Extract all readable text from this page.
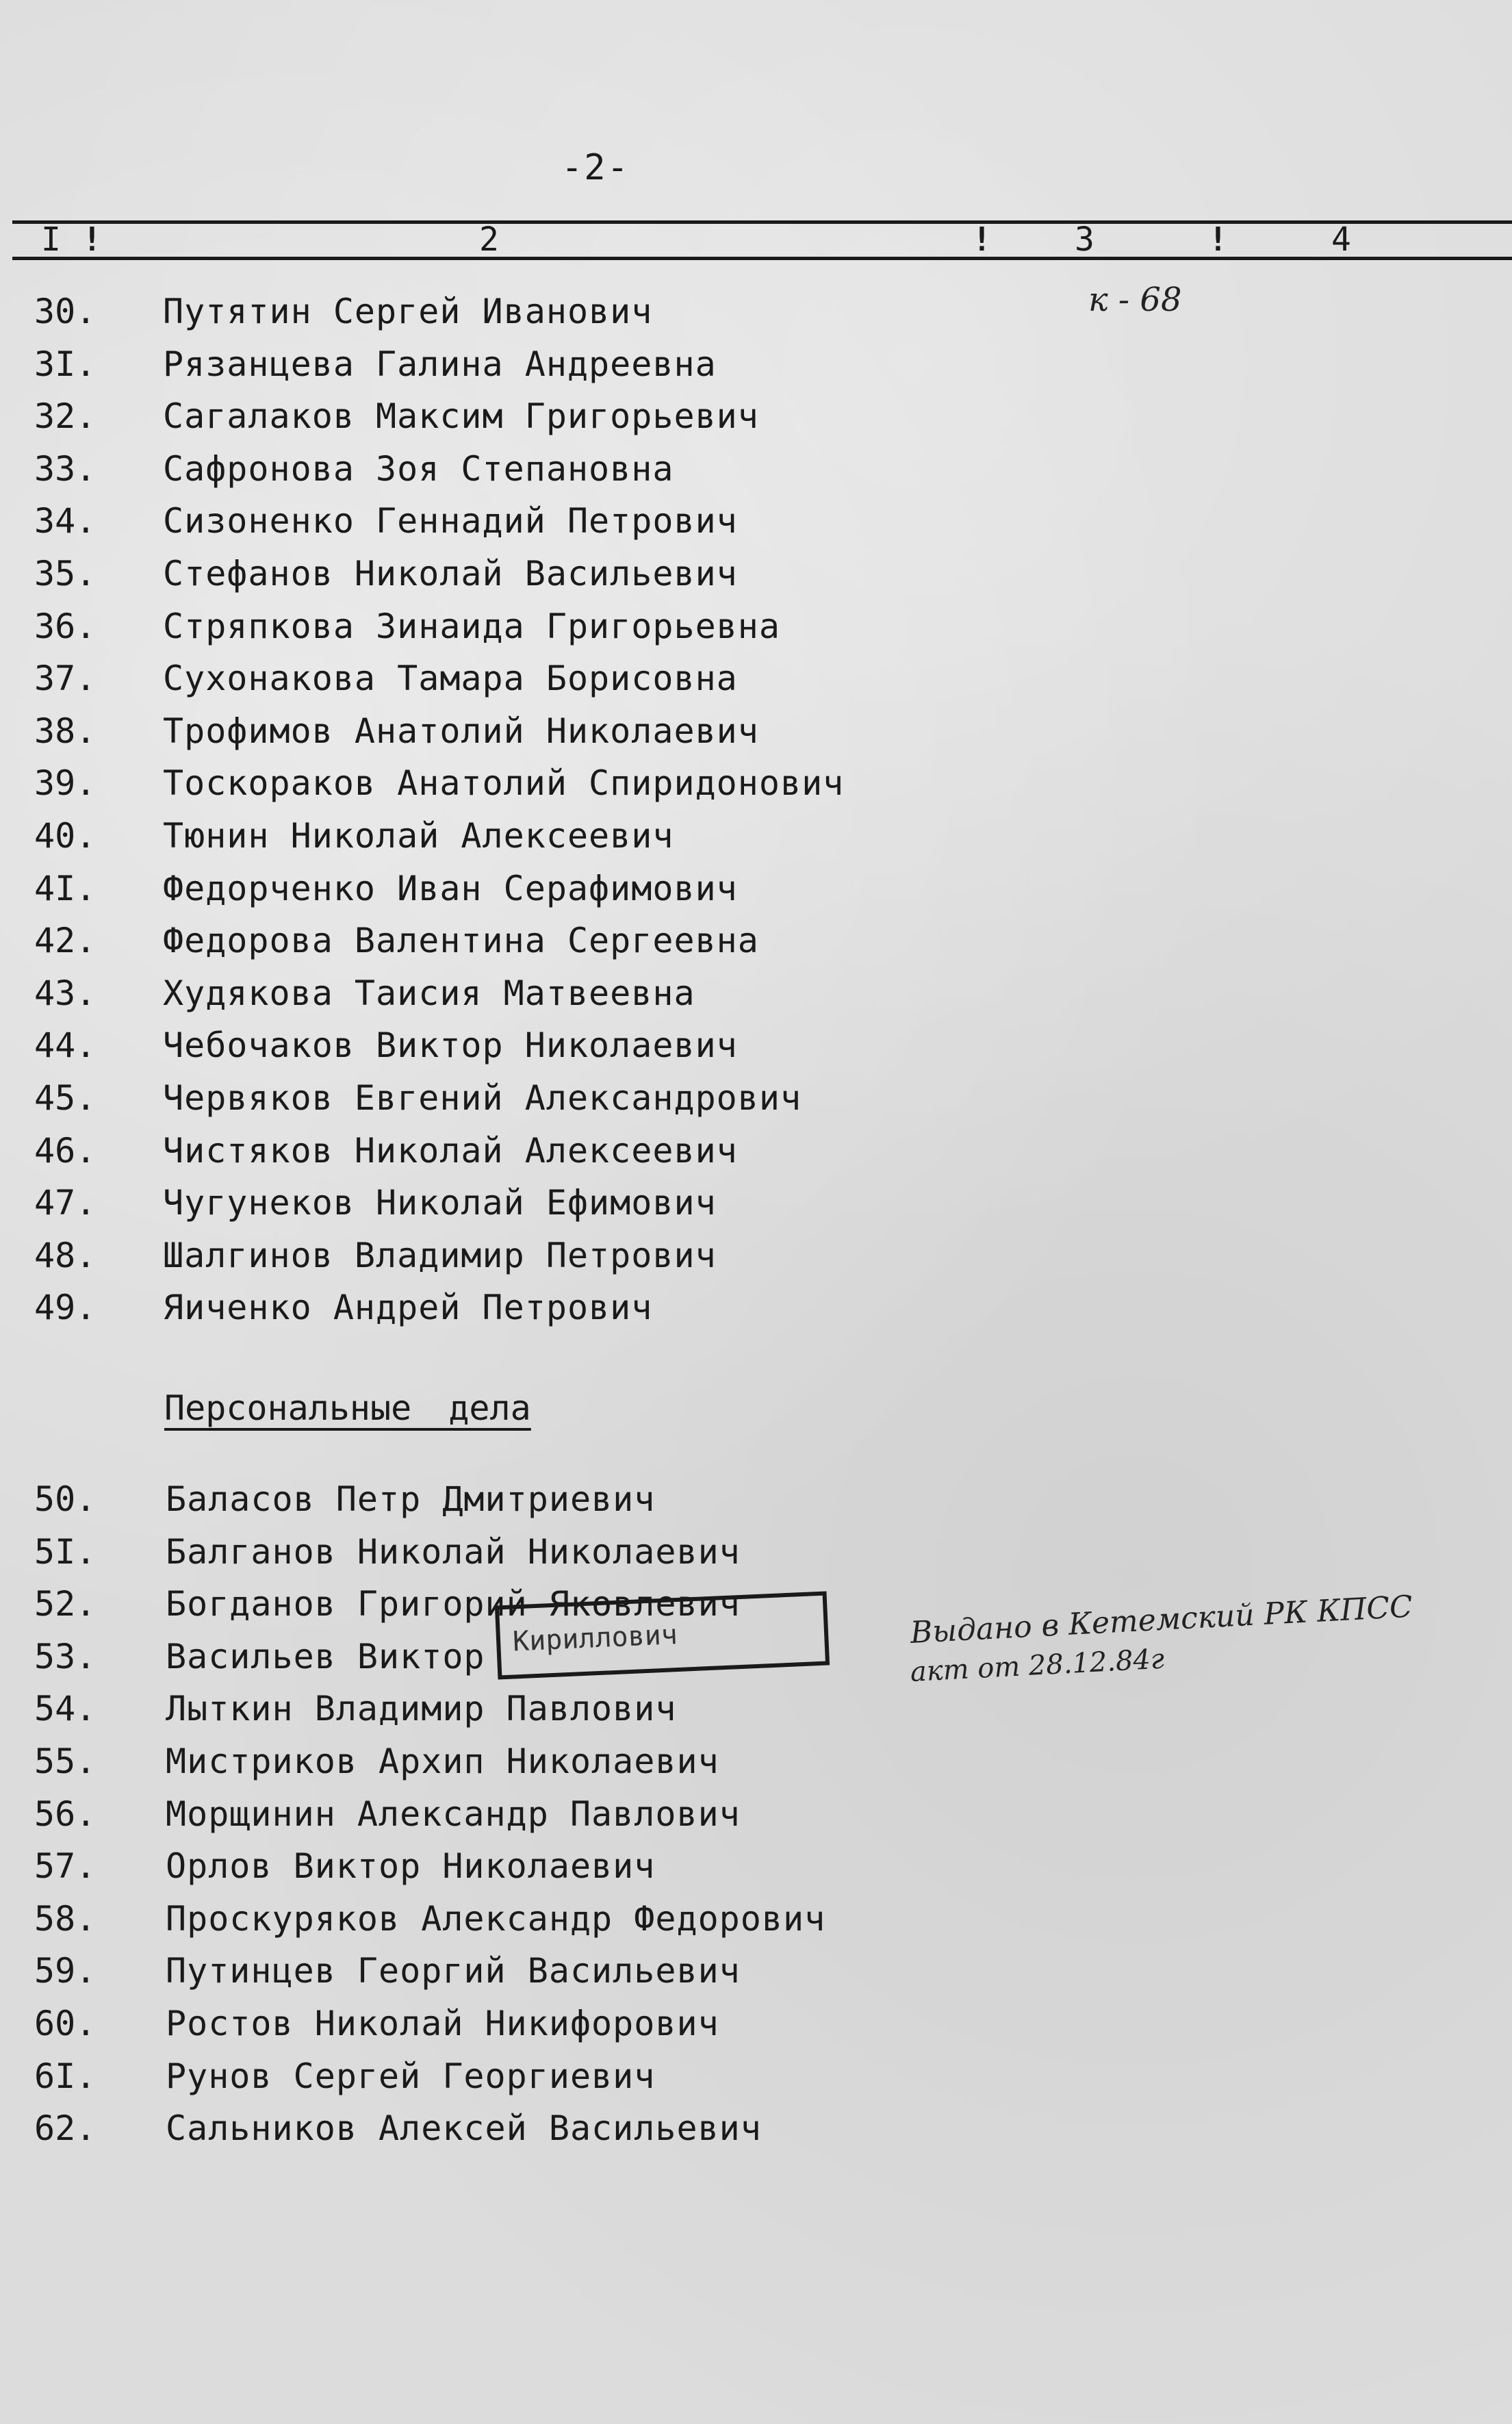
-2-
I !	2	!	3	!	4
30.	Путятин Сергей Иванович
3I.	Рязанцева Галина Андреевна
32.	Сагалаков Максим Григорьевич
33.	Сафронова Зоя Степановна
34.	Сизоненко Геннадий Петрович
35.	Стефанов Николай Васильевич
36.	Стряпкова Зинаида Григорьевна
37.	Сухонакова Тамара Борисовна
38.	Трофимов Анатолий Николаевич
39.	Тоскораков Анатолий Спиридонович
40.	Тюнин Николай Алексеевич
4I.	Федорченко Иван Серафимович
42.	Федорова Валентина Сергеевна
43.	Худякова Таисия Матвеевна
44.	Чебочаков Виктор Николаевич
45.	Червяков Евгений Александрович
46.	Чистяков Николай Алексеевич
47.	Чугунеков Николай Ефимович
48.	Шалгинов Владимир Петрович
49.	Яиченко Андрей Петрович
Персональные дела
50.	Баласов Петр Дмитриевич
5I.	Балганов Николай Николаевич
52.	Богданов Григорий Яковлевич
53.	Васильев Виктор
54.	Лыткин Владимир Павлович
55.	Мистриков Архип Николаевич
56.	Морщинин Александр Павлович
57.	Орлов Виктор Николаевич
58.	Проскуряков Александр Федорович
59.	Путинцев Георгий Васильевич
60.	Ростов Николай Никифорович
6I.	Рунов Сергей Георгиевич
62.	Сальников Алексей Васильевич
Кириллович
к - 68
Выдано в Кетемский РК КПСС
акт от 28.12.84г
